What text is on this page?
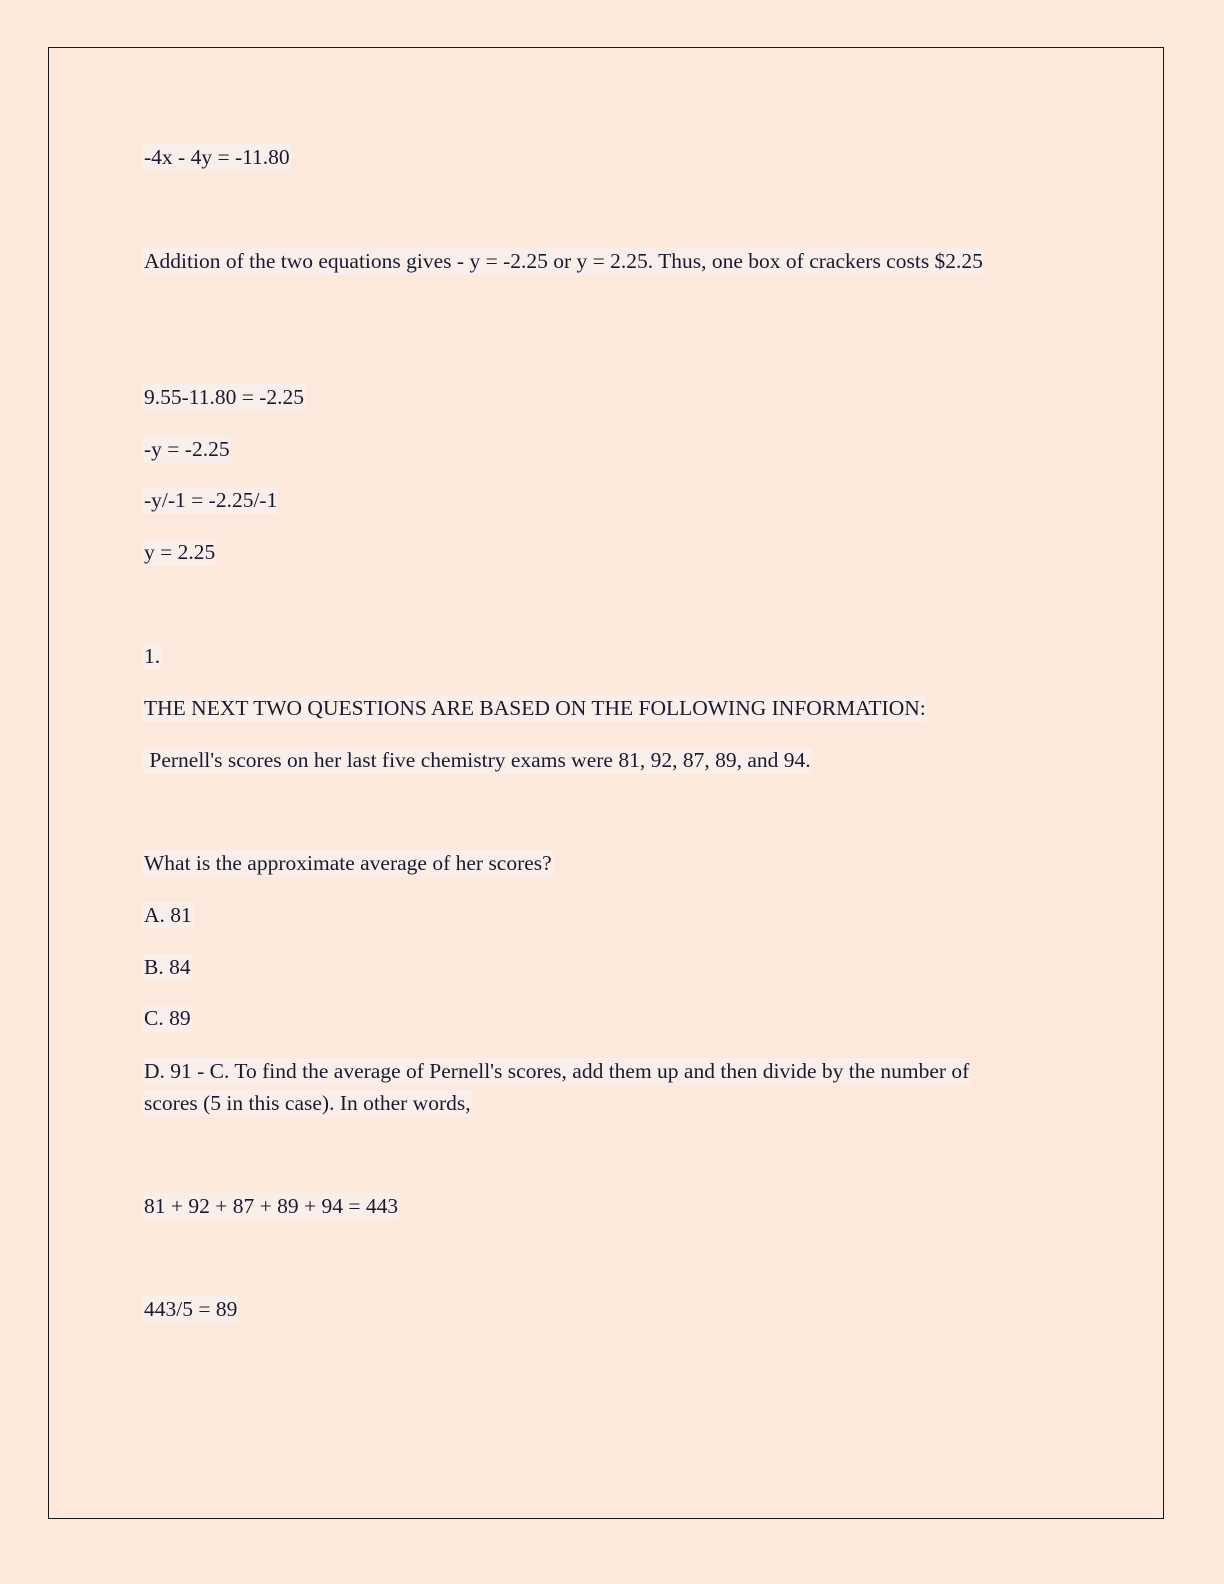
-4x - 4y = -11.80
Addition of the two equations gives - y = -2.25 or y = 2.25. Thus, one box of crackers costs $2.25
9.55-11.80 = -2.25
-y = -2.25
-y/-1 = -2.25/-1
y = 2.25
1.
THE NEXT TWO QUESTIONS ARE BASED ON THE FOLLOWING INFORMATION:
Pernell's scores on her last five chemistry exams were 81, 92, 87, 89, and 94.
What is the approximate average of her scores?
A. 81
B. 84
C. 89
D. 91 - C. To find the average of Pernell's scores, add them up and then divide by the number of scores (5 in this case). In other words,
81 + 92 + 87 + 89 + 94 = 443
443/5 = 89
